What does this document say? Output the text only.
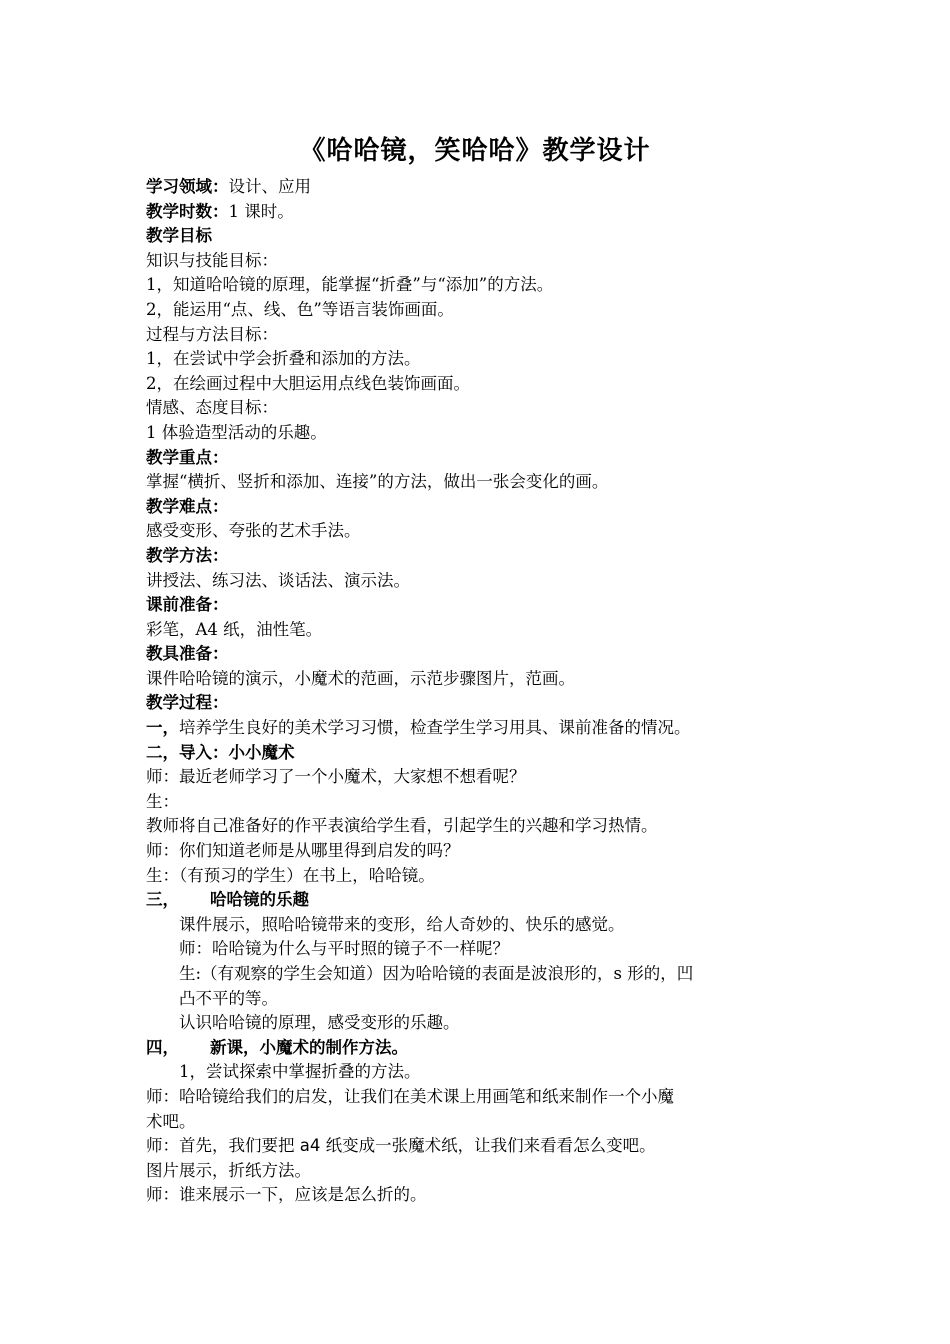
《哈哈镜，笑哈哈》教学设计
学习领域：设计、应用
教学时数：1 课时。
教学目标
知识与技能目标：
1，知道哈哈镜的原理，能掌握“折叠”与“添加”的方法。
2，能运用“点、线、色”等语言装饰画面。
过程与方法目标：
1，在尝试中学会折叠和添加的方法。
2，在绘画过程中大胆运用点线色装饰画面。
情感、态度目标：
1 体验造型活动的乐趣。
教学重点：
掌握“横折、竖折和添加、连接”的方法，做出一张会变化的画。
教学难点：
感受变形、夸张的艺术手法。
教学方法：
讲授法、练习法、谈话法、演示法。
课前准备：
彩笔，A4 纸，油性笔。
教具准备：
课件哈哈镜的演示，小魔术的范画，示范步骤图片，范画。
教学过程：
一，培养学生良好的美术学习习惯，检查学生学习用具、课前准备的情况。
二，导入：小小魔术
师：最近老师学习了一个小魔术，大家想不想看呢？
生：
教师将自己准备好的作平表演给学生看，引起学生的兴趣和学习热情。
师：你们知道老师是从哪里得到启发的吗？
生：（有预习的学生）在书上，哈哈镜。
三， 哈哈镜的乐趣
课件展示，照哈哈镜带来的变形，给人奇妙的、快乐的感觉。
师：哈哈镜为什么与平时照的镜子不一样呢？
生:（有观察的学生会知道）因为哈哈镜的表面是波浪形的，s 形的，凹
凸不平的等。
认识哈哈镜的原理，感受变形的乐趣。
四， 新课，小魔术的制作方法。
1，尝试探索中掌握折叠的方法。
师：哈哈镜给我们的启发，让我们在美术课上用画笔和纸来制作一个小魔
术吧。
师：首先，我们要把 a4 纸变成一张魔术纸，让我们来看看怎么变吧。
图片展示，折纸方法。
师：谁来展示一下，应该是怎么折的。
